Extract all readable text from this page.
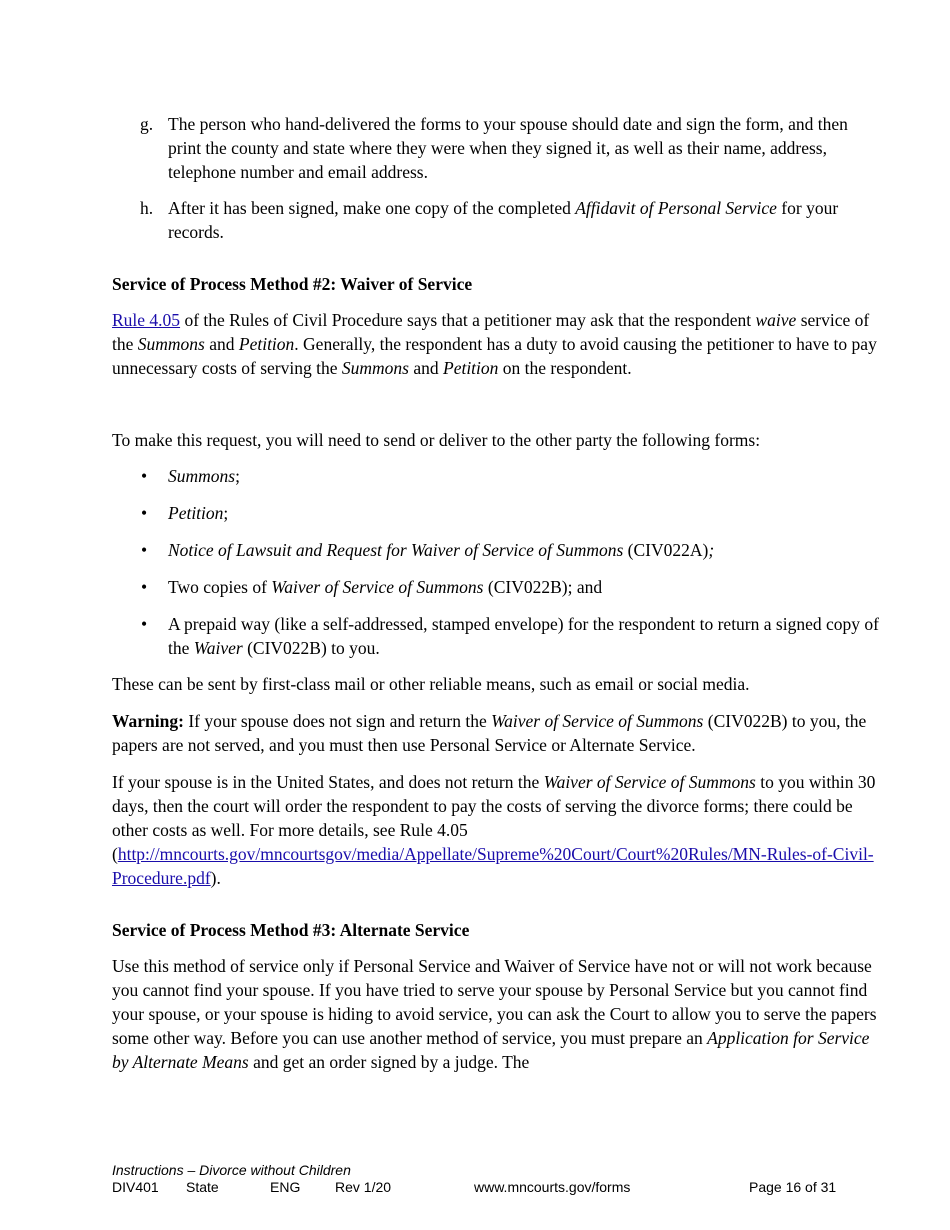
g. The person who hand-delivered the forms to your spouse should date and sign the form, and then print the county and state where they were when they signed it, as well as their name, address, telephone number and email address.

h. After it has been signed, make one copy of the completed Affidavit of Personal Service for your records.

Service of Process Method #2: Waiver of Service

Rule 4.05 of the Rules of Civil Procedure says that a petitioner may ask that the respondent waive service of the Summons and Petition. Generally, the respondent has a duty to avoid causing the petitioner to have to pay unnecessary costs of serving the Summons and Petition on the respondent.

To make this request, you will need to send or deliver to the other party the following forms:

• Summons;

• Petition;

• Notice of Lawsuit and Request for Waiver of Service of Summons (CIV022A);

• Two copies of Waiver of Service of Summons (CIV022B); and

• A prepaid way (like a self-addressed, stamped envelope) for the respondent to return a signed copy of the Waiver (CIV022B) to you.

These can be sent by first-class mail or other reliable means, such as email or social media.

Warning: If your spouse does not sign and return the Waiver of Service of Summons (CIV022B) to you, the papers are not served, and you must then use Personal Service or Alternate Service.

If your spouse is in the United States, and does not return the Waiver of Service of Summons to you within 30 days, then the court will order the respondent to pay the costs of serving the divorce forms; there could be other costs as well. For more details, see Rule 4.05 (http://mncourts.gov/mncourtsgov/media/Appellate/Supreme%20Court/Court%20Rules/MN-Rules-of-Civil-Procedure.pdf).

Service of Process Method #3: Alternate Service

Use this method of service only if Personal Service and Waiver of Service have not or will not work because you cannot find your spouse. If you have tried to serve your spouse by Personal Service but you cannot find your spouse, or your spouse is hiding to avoid service, you can ask the Court to allow you to serve the papers some other way. Before you can use another method of service, you must prepare an Application for Service by Alternate Means and get an order signed by a judge. The

Instructions – Divorce without Children
DIV401 State	ENG Rev 1/20	www.mncourts.gov/forms	Page 16 of 31
